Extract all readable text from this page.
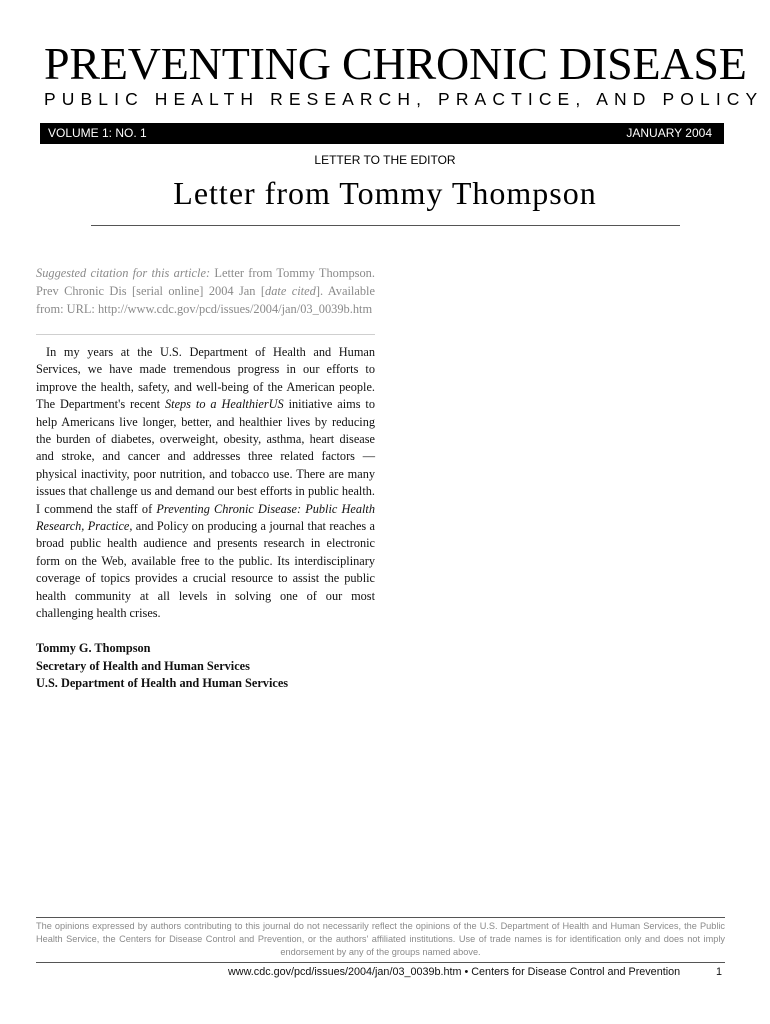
PREVENTING CHRONIC DISEASE
PUBLIC HEALTH RESEARCH, PRACTICE, AND POLICY
VOLUME 1: NO. 1	JANUARY 2004
LETTER TO THE EDITOR
Letter from Tommy Thompson

Suggested citation for this article: Letter from Tommy Thompson. Prev Chronic Dis [serial online] 2004 Jan [date cited]. Available from: URL: http://www.cdc.gov/pcd/issues/2004/jan/03_0039b.htm

In my years at the U.S. Department of Health and Human Services, we have made tremendous progress in our efforts to improve the health, safety, and well-being of the American people. The Department's recent Steps to a HealthierUS initiative aims to help Americans live longer, better, and healthier lives by reducing the burden of diabetes, overweight, obesity, asthma, heart disease and stroke, and cancer and addresses three related factors — physical inactivity, poor nutrition, and tobacco use. There are many issues that challenge us and demand our best efforts in public health. I commend the staff of Preventing Chronic Disease: Public Health Research, Practice, and Policy on producing a journal that reaches a broad public health audience and presents research in electronic form on the Web, available free to the public. Its interdisciplinary coverage of topics provides a crucial resource to assist the public health community at all levels in solving one of our most challenging health crises.

Tommy G. Thompson
Secretary of Health and Human Services
U.S. Department of Health and Human Services

The opinions expressed by authors contributing to this journal do not necessarily reflect the opinions of the U.S. Department of Health and Human Services, the Public Health Service, the Centers for Disease Control and Prevention, or the authors' affiliated institutions. Use of trade names is for identification only and does not imply endorsement by any of the groups named above.

www.cdc.gov/pcd/issues/2004/jan/03_0039b.htm • Centers for Disease Control and Prevention	1
